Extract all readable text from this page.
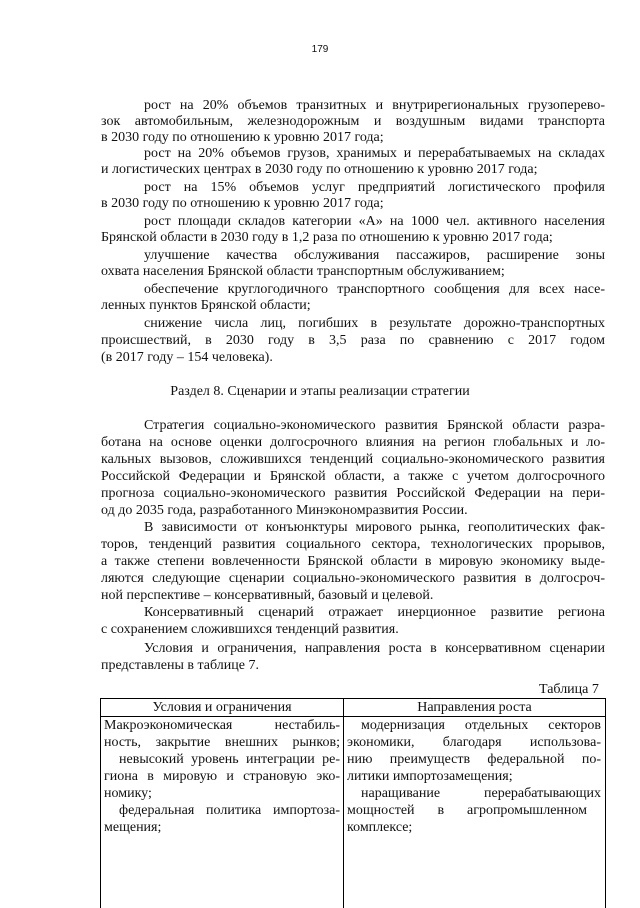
179
рост на 20% объемов транзитных и внутрирегиональных грузоперево-
зок автомобильным, железнодорожным и воздушным видами транспорта
в 2030 году по отношению к уровню 2017 года;
рост на 20% объемов грузов, хранимых и перерабатываемых на складах
и логистических центрах в 2030 году по отношению к уровню 2017 года;
рост на 15% объемов услуг предприятий логистического профиля
в 2030 году по отношению к уровню 2017 года;
рост площади складов категории «А» на 1000 чел. активного населения
Брянской области в 2030 году в 1,2 раза по отношению к уровню 2017 года;
улучшение качества обслуживания пассажиров, расширение зоны
охвата населения Брянской области транспортным обслуживанием;
обеспечение круглогодичного транспортного сообщения для всех насе-
ленных пунктов Брянской области;
снижение числа лиц, погибших в результате дорожно-транспортных
происшествий, в 2030 году в 3,5 раза по сравнению с 2017 годом
(в 2017 году – 154 человека).
Раздел 8. Сценарии и этапы реализации стратегии
Стратегия социально-экономического развития Брянской области разра-
ботана на основе оценки долгосрочного влияния на регион глобальных и ло-
кальных вызовов, сложившихся тенденций социально-экономического развития
Российской Федерации и Брянской области, а также с учетом долгосрочного
прогноза социально-экономического развития Российской Федерации на пери-
од до 2035 года, разработанного Минэкономразвития России.
В зависимости от конъюнктуры мирового рынка, геополитических фак-
торов, тенденций развития социального сектора, технологических прорывов,
а также степени вовлеченности Брянской области в мировую экономику выде-
ляются следующие сценарии социально-экономического развития в долгосроч-
ной перспективе – консервативный, базовый и целевой.
Консервативный сценарий отражает инерционное развитие региона
с сохранением сложившихся тенденций развития.
Условия и ограничения, направления роста в консервативном сценарии
представлены в таблице 7.
Таблица 7
Условия и ограничения	Направления роста
Макроэкономическая нестабиль-
ность, закрытие внешних рынков;
невысокий уровень интеграции ре-
гиона в мировую и страновую эко-
номику;
федеральная политика импортоза-
мещения;
модернизация отдельных секторов
экономики, благодаря использова-
нию преимуществ федеральной по-
литики импортозамещения;
наращивание перерабатывающих
мощностей в агропромышленном
комплексе;
